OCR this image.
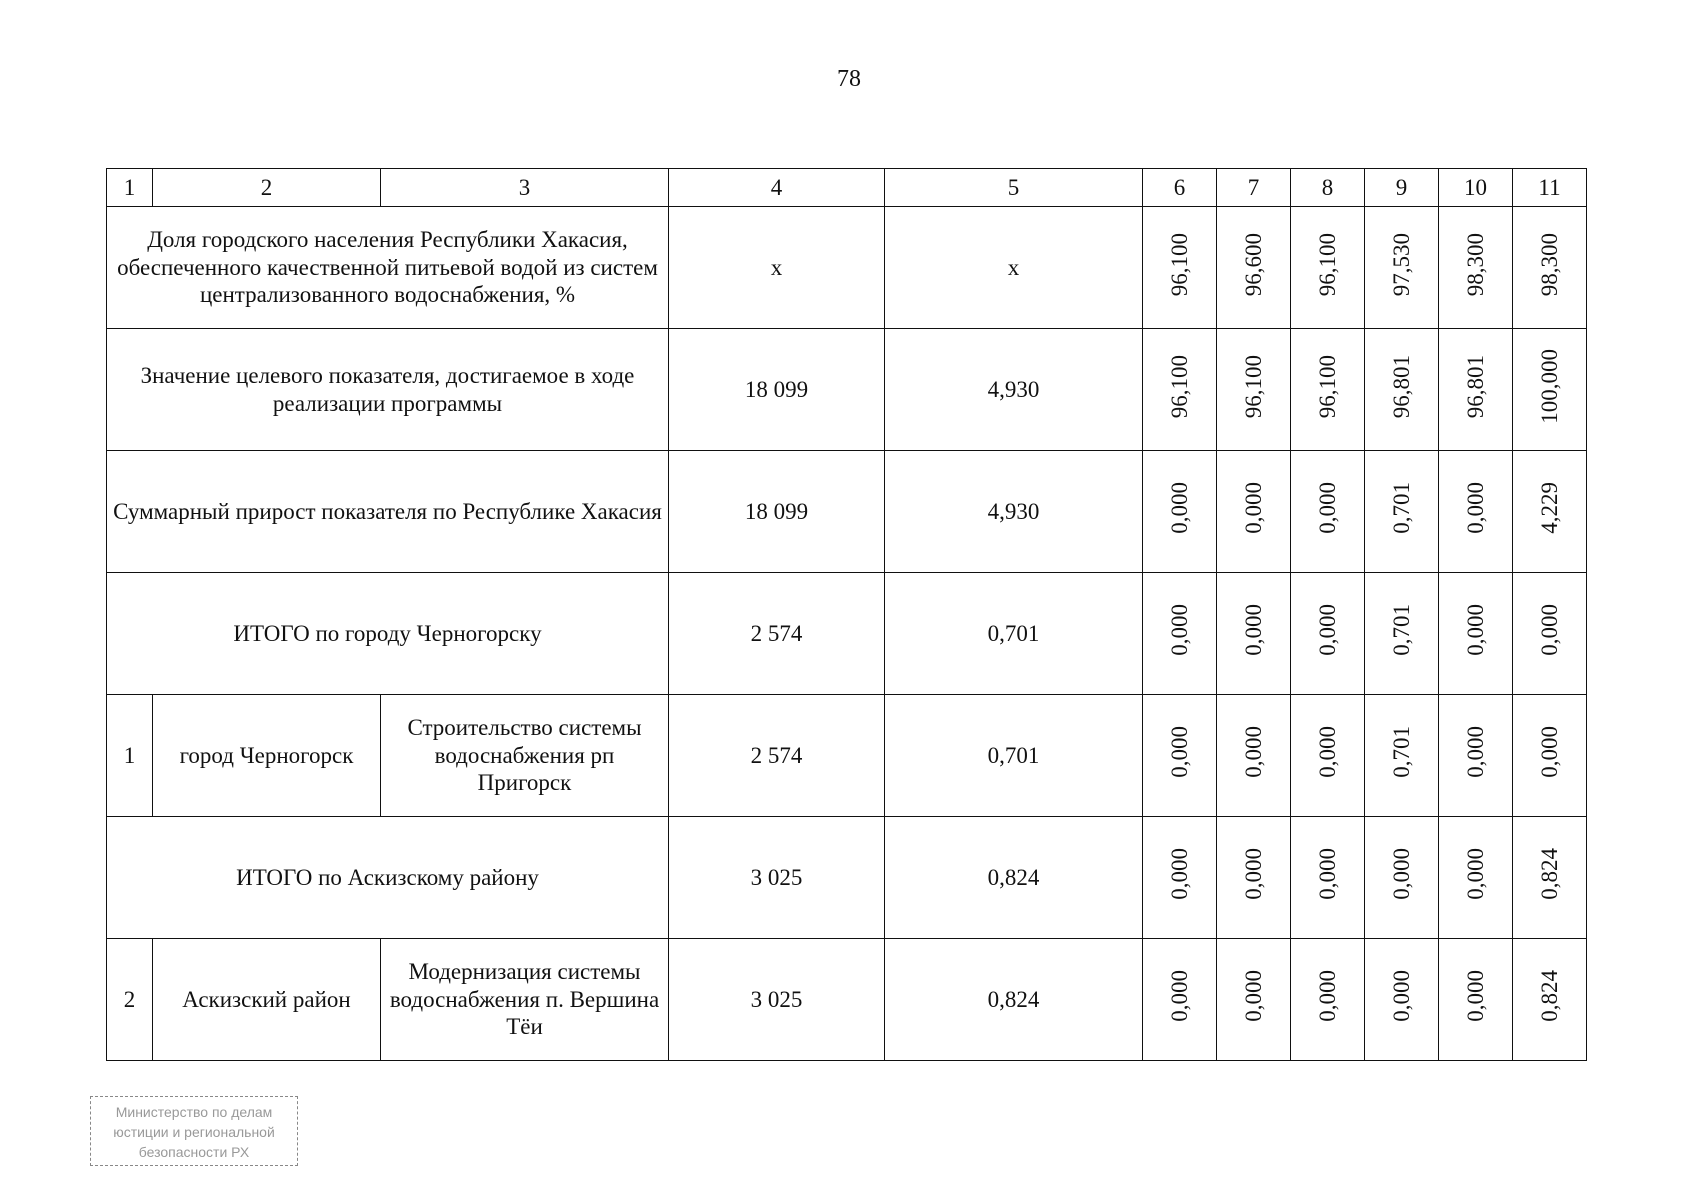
78
1	2	3	4	5	6	7	8	9	10	11
Доля городского населения Республики Хакасия, обеспеченного качественной питьевой водой из систем централизованного водоснабжения, %			х	х	96,100	96,600	96,100	97,530	98,300	98,300
Значение целевого показателя, достигаемое в ходе реализации программы			18 099	4,930	96,100	96,100	96,100	96,801	96,801	100,000
Суммарный прирост показателя по Республике Хакасия			18 099	4,930	0,000	0,000	0,000	0,701	0,000	4,229
ИТОГО по городу Черногорску			2 574	0,701	0,000	0,000	0,000	0,701	0,000	0,000
1	город Черногорск	Строительство системы водоснабжения рп Пригорск	2 574	0,701	0,000	0,000	0,000	0,701	0,000	0,000
ИТОГО по Аскизскому району			3 025	0,824	0,000	0,000	0,000	0,000	0,000	0,824
2	Аскизский район	Модернизация системы водоснабжения п. Вершина Тёи	3 025	0,824	0,000	0,000	0,000	0,000	0,000	0,824
Министерство по делам
юстиции и региональной
безопасности РХ
